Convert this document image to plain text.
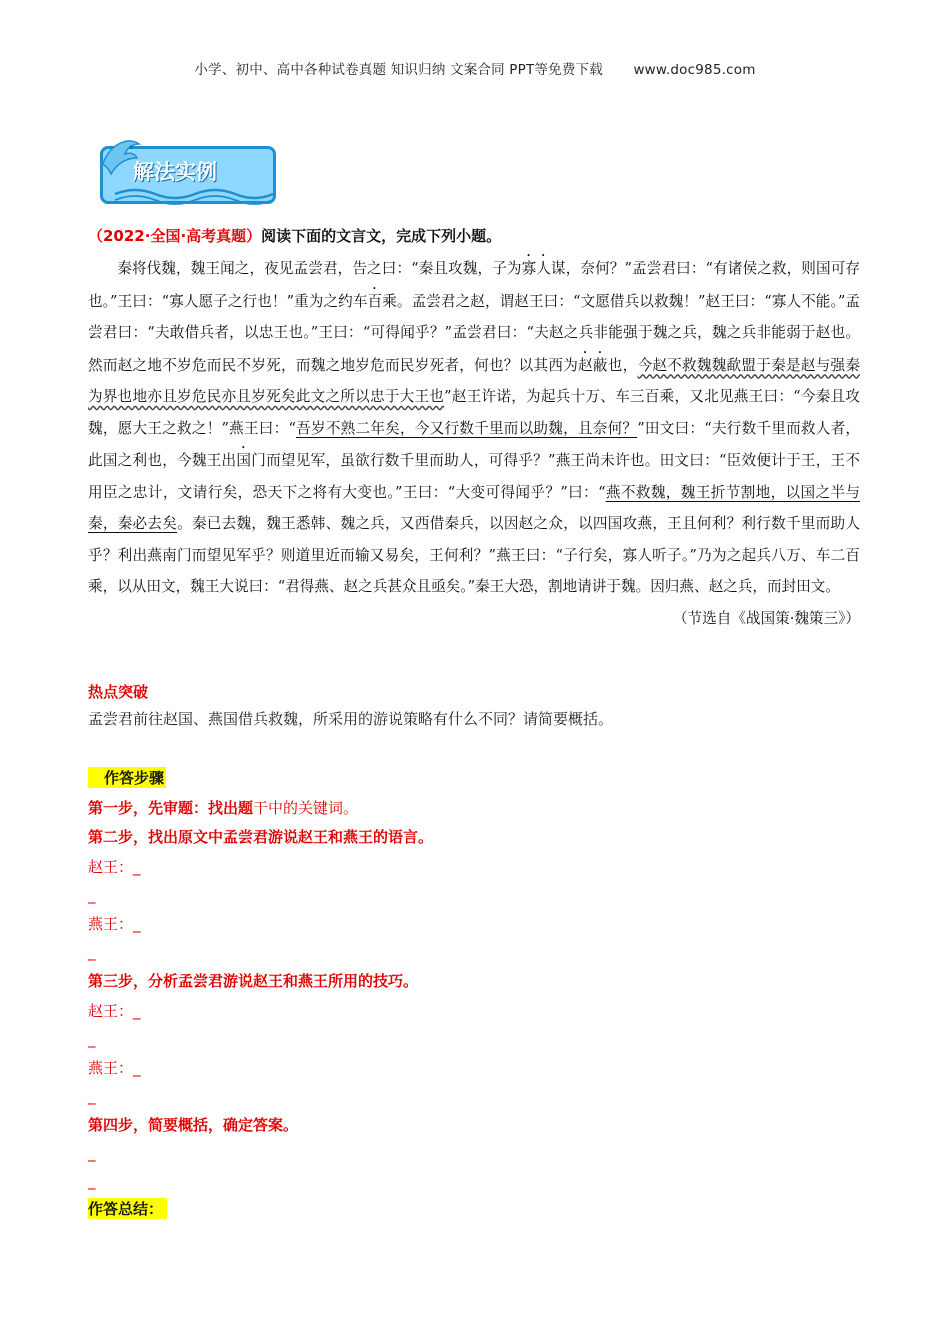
小学、初中、高中各种试卷真题 知识归纳 文案合同 PPT等免费下载 www.doc985.com
解法实例
（2022·全国·高考真题）阅读下面的文言文，完成下列小题。

秦将伐魏，魏王闻之，夜见孟尝君，告之曰：“秦且攻魏，子为寡人谋，奈何？”孟尝君曰：“有诸侯之救，则国可存也。”王曰：“寡人愿子之行也！”重为之约车百乘。孟尝君之赵，谓赵王曰：“文愿借兵以救魏！”赵王曰：“寡人不能。”孟尝君曰：“夫敢借兵者，以忠王也。”王曰：“可得闻乎？”孟尝君曰：“夫赵之兵非能强于魏之兵，魏之兵非能弱于赵也。然而赵之地不岁危而民不岁死，而魏之地岁危而民岁死者，何也？以其西为赵蔽也，今赵不救魏魏歃盟于秦是赵与强秦为界也地亦且岁危民亦且岁死矣此文之所以忠于大王也”赵王许诺，为起兵十万、车三百乘，又北见燕王曰：“今秦且攻魏，愿大王之救之！”燕王曰：“吾岁不熟二年矣，今又行数千里而以助魏，且奈何？”田文曰：“夫行数千里而救人者，此国之利也，今魏王出国门而望见军，虽欲行数千里而助人，可得乎？”燕王尚未许也。田文曰：“臣效便计于王，王不用臣之忠计，文请行矣，恐天下之将有大变也。”王曰：“大变可得闻乎？”曰：“燕不救魏，魏王折节割地，以国之半与秦，秦必去矣。秦已去魏，魏王悉韩、魏之兵，又西借秦兵，以因赵之众，以四国攻燕，王且何利？利行数千里而助人乎？利出燕南门而望见军乎？则道里近而输又易矣，王何利？”燕王曰：“子行矣，寡人听子。”乃为之起兵八万、车二百乘，以从田文，魏王大说曰：“君得燕、赵之兵甚众且亟矣。”秦王大恐，割地请讲于魏。因归燕、赵之兵，而封田文。

（节选自《战国策·魏策三》）
热点突破
孟尝君前往赵国、燕国借兵救魏，所采用的游说策略有什么不同？请简要概括。
作答步骤
第一步，先审题：找出题干中的关键词。
第二步，找出原文中孟尝君游说赵王和燕王的语言。
赵王：_
_
燕王：_
_
第三步，分析孟尝君游说赵王和燕王所用的技巧。
赵王：_
_
燕王：_
_
第四步，简要概括，确定答案。
_
_
作答总结：
